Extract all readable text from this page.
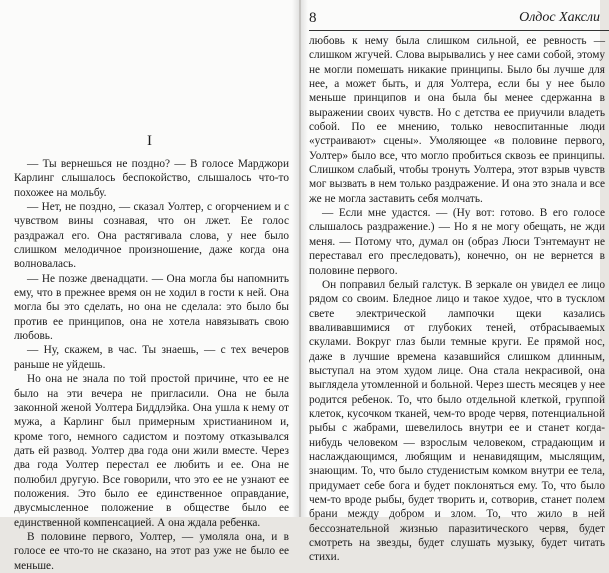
I

— Ты вернешься не поздно? — В голосе Марджори Карлинг слышалось беспокойство, слышалось что-то похожее на мольбу.

— Нет, не поздно, — сказал Уолтер, с огорчением и с чувством вины сознавая, что он лжет. Ее голос раздражал его. Она растягивала слова, у нее было слишком мелодичное произношение, даже когда она волновалась.

— Не позже двенадцати. — Она могла бы напомнить ему, что в прежнее время он не ходил в гости к ней. Она могла бы это сделать, но она не сделала: это было бы против ее принципов, она не хотела навязывать свою любовь.

— Ну, скажем, в час. Ты знаешь, — с тех вечеров раньше не уйдешь.

Но она не знала по той простой причине, что ее не было на эти вечера не пригласили. Она не была законной женой Уолтера Биддлэйка. Она ушла к нему от мужа, а Карлинг был примерным христианином и, кроме того, немного садистом и поэтому отказывался дать ей развод. Уолтер два года они жили вместе. Через два года Уолтер перестал ее любить и ее. Она не полюбил другую. Все говорили, что это ее не узнают ее положения. Это было ее единственное оправдание, двусмысленное положение в обществе было ее единственной компенсацией. А она ждала ребенка.

В половине первого, Уолтер, — умоляла она, и в голосе ее что-то не сказано, на этот раз уже не было ее меньше.

8	Олдос Хаксли

любовь к нему была слишком сильной, ее ревность — слишком жгучей. Слова вырывались у нее сами собой, этому не могли помешать никакие принципы. Было бы лучше для нее, а может быть, и для Уолтера, если бы у нее было меньше принципов и она была бы менее сдержанна в выражении своих чувств. Но с детства ее приучили владеть собой. По ее мнению, только невоспитанные люди «устраивают» сцены». Умоляющее «в половине первого, Уолтер» было все, что могло пробиться сквозь ее принципы. Слишком слабый, чтобы тронуть Уолтера, этот взрыв чувств мог вызвать в нем только раздражение. И она это знала и все же не могла заставить себя молчать.

— Если мне удастся. — (Ну вот: готово. В его голосе слышалось раздражение.) — Но я не могу обещать, не жди меня. — Потому что, думал он (образ Люси Тэнтемаунт не переставал его преследовать), конечно, он не вернется в половине первого.

Он поправил белый галстук. В зеркале он увидел ее лицо рядом со своим. Бледное лицо и такое худое, что в тусклом свете электрической лампочки щеки казались вваливавшимися от глубоких теней, отбрасываемых скулами. Вокруг глаз были темные круги. Ее прямой нос, даже в лучшие времена казавшийся слишком длинным, выступал на этом худом лице. Она стала некрасивой, она выглядела утомленной и больной. Через шесть месяцев у нее родится ребенок. То, что было отдельной клеткой, группой клеток, кусочком тканей, чем-то вроде червя, потенциальной рыбы с жабрами, шевелилось внутри ее и станет когда-нибудь человеком — взрослым человеком, страдающим и наслаждающимся, любящим и ненавидящим, мыслящим, знающим. То, что было студенистым комком внутри ее тела, придумает себе бога и будет поклоняться ему. То, что было чем-то вроде рыбы, будет творить и, сотворив, станет полем брани между добром и злом. То, что жило в ней бессознательной жизнью паразитического червя, будет смотреть на звезды, будет слушать музыку, будет читать стихи.
